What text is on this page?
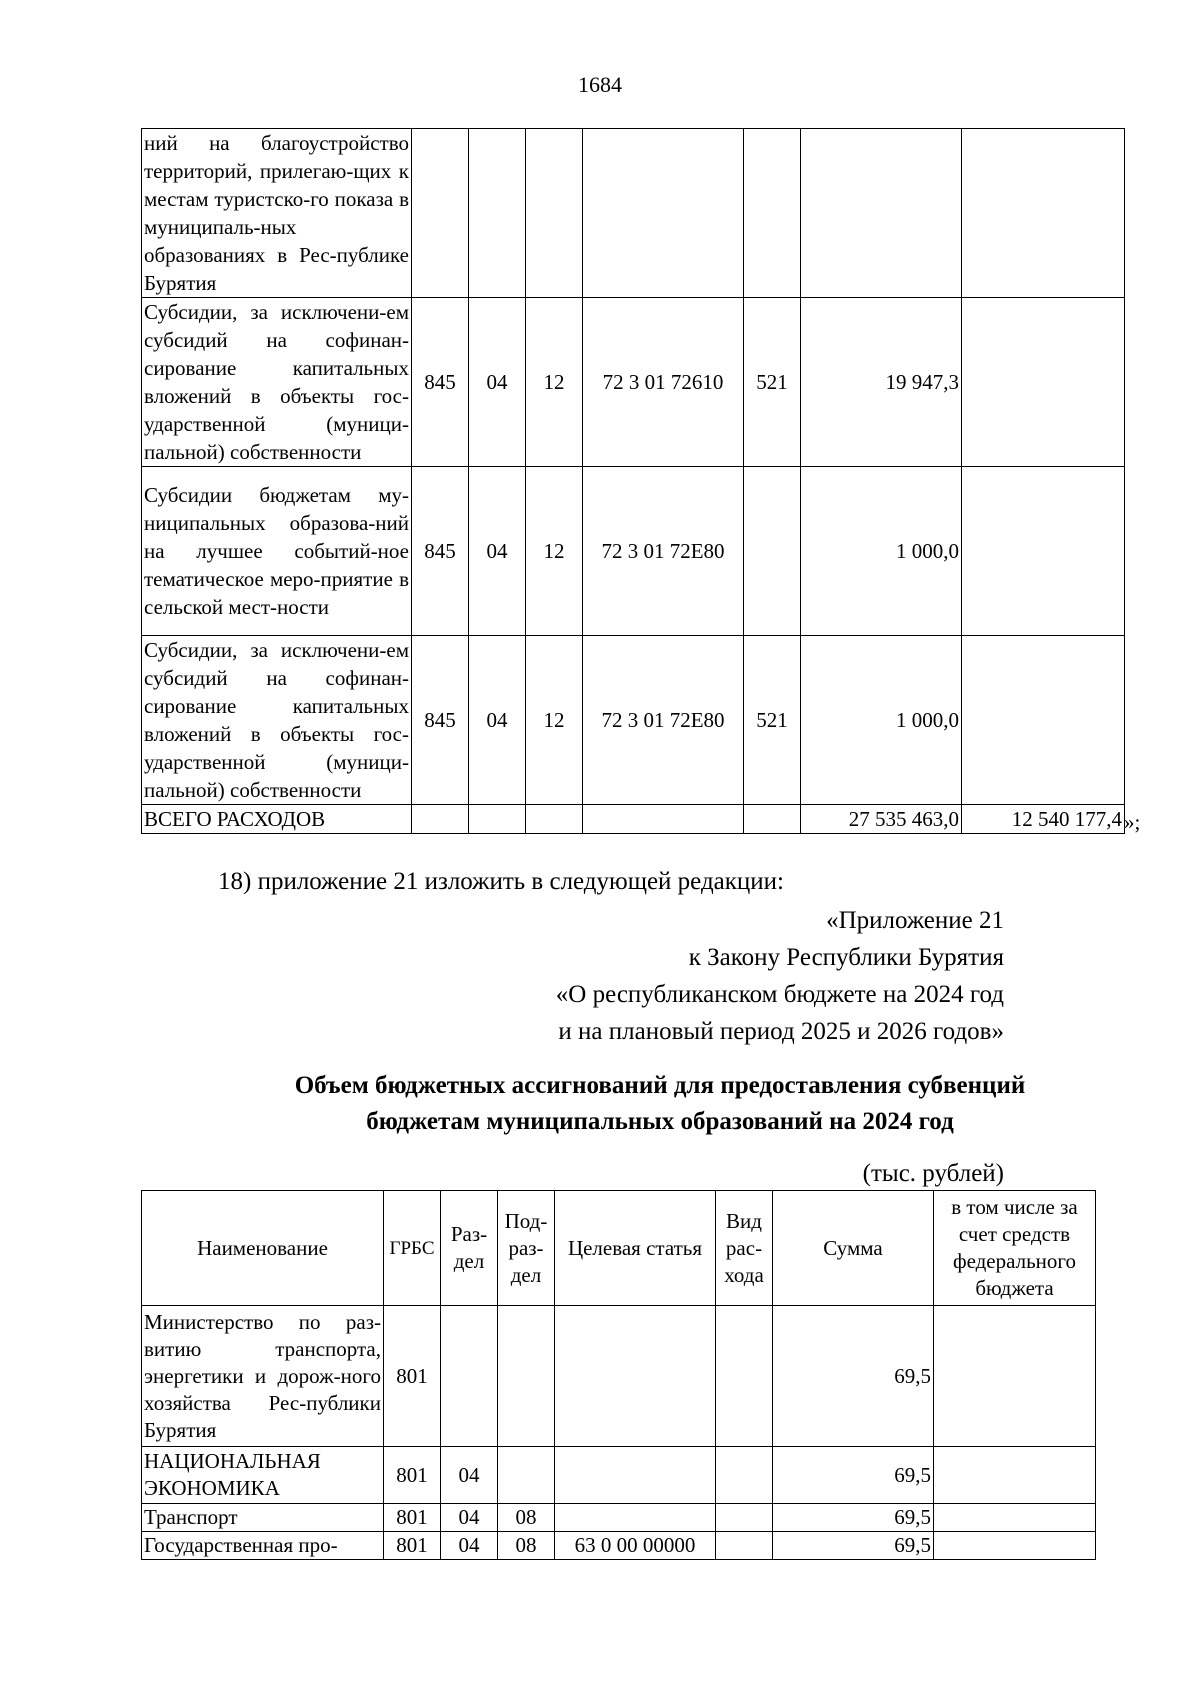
1684
ний на благоустройство территорий, прилегаю-щих к местам туристско-го показа в муниципаль-ных образованиях в Рес-публике Бурятия							
Субсидии, за исключени-ем субсидий на софинан-сирование капитальных вложений в объекты гос-ударственной (муници-пальной) собственности	845	04	12	72 3 01 72610	521	19 947,3	
Субсидии бюджетам му-ниципальных образова-ний на лучшее событий-ное тематическое меро-приятие в сельской мест-ности	845	04	12	72 3 01 72Е80		1 000,0	
Субсидии, за исключени-ем субсидий на софинан-сирование капитальных вложений в объекты гос-ударственной (муници-пальной) собственности	845	04	12	72 3 01 72Е80	521	1 000,0	
ВСЕГО РАСХОДОВ						27 535 463,0	12 540 177,4 »;
18) приложение 21 изложить в следующей редакции:
«Приложение 21
к Закону Республики Бурятия
«О республиканском бюджете на 2024 год
и на плановый период 2025 и 2026 годов»
Объем бюджетных ассигнований для предоставления субвенций
бюджетам муниципальных образований на 2024 год
(тыс. рублей)
Наименование	ГРБС	Раз-дел	Под-раз-дел	Целевая статья	Вид рас-хода	Сумма	в том числе за счет средств федерального бюджета
Министерство по раз-витию транспорта, энергетики и дорож-ного хозяйства Рес-публики Бурятия	801					69,5	
НАЦИОНАЛЬНАЯ ЭКОНОМИКА	801	04				69,5	
Транспорт	801	04	08			69,5	
Государственная про-	801	04	08	63 0 00 00000		69,5	
